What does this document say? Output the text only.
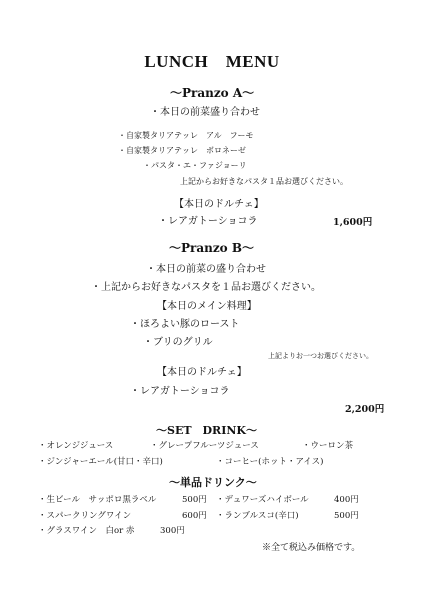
LUNCH　MENU
～Pranzo A～
・本日の前菜盛り合わせ
・自家製タリアテッレ　アル　フーモ
・自家製タリアテッレ　ボロネーゼ
・パスタ・エ・ファジョーリ
上記からお好きなパスタ１品お選びください。
【本日のドルチェ】
・レアガトーショコラ	1,600円
～Pranzo B～
・本日の前菜の盛り合わせ
・上記からお好きなパスタを１品お選びください。
【本日のメイン料理】
・ほろよい豚のロースト
・ブリのグリル
上記よりお一つお選びください。
【本日のドルチェ】
・レアガトーショコラ
2,200円
～SET　DRINK～
・オレンジジュース	・グレープフルーツジュース	・ウーロン茶
・ジンジャーエール(甘口・辛口)	・コーヒー(ホット・アイス)
～単品ドリンク～
・生ビール　サッポロ黒ラベル	500円 ・デュワーズハイボール	400円
・スパークリングワイン	600円 ・ランブルスコ(辛口)	500円
・グラスワイン　白or 赤	300円
※全て税込み価格です。
